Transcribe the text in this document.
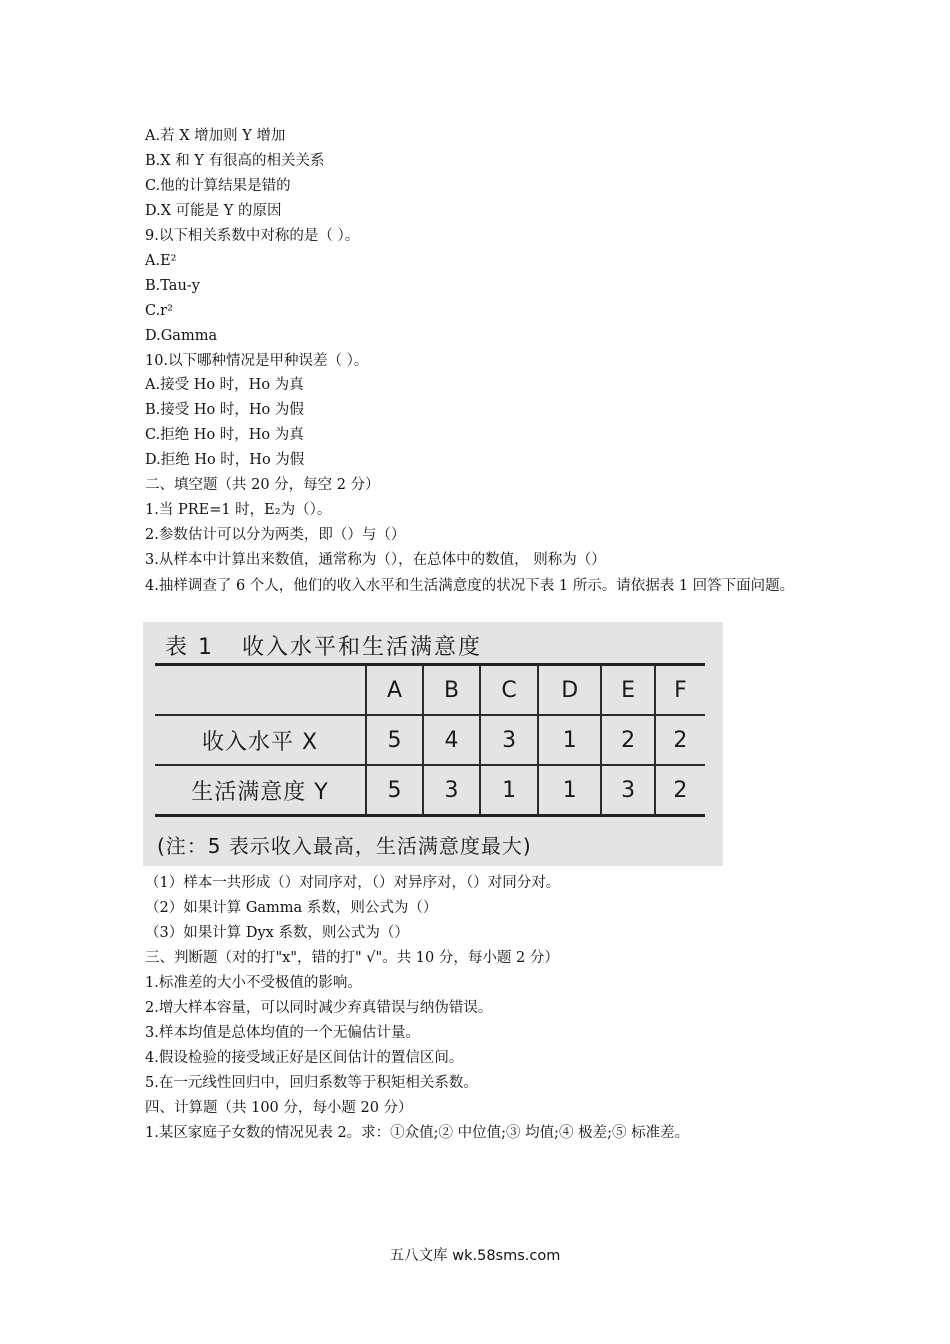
A.若 X 增加则 Y 增加
B.X 和 Y 有很高的相关关系
C.他的计算结果是错的
D.X 可能是 Y 的原因
9.以下相关系数中对称的是（ ）。
A.E²
B.Tau-y
C.r²
D.Gamma
10.以下哪种情况是甲种误差（ ）。
A.接受 Ho 时，Ho 为真
B.接受 Ho 时，Ho 为假
C.拒绝 Ho 时，Ho 为真
D.拒绝 Ho 时，Ho 为假
二、填空题（共 20 分，每空 2 分）
1.当 PRE=1 时，E₂为（）。
2.参数估计可以分为两类，即（）与（）
3.从样本中计算出来数值，通常称为（），在总体中的数值， 则称为（）
4.抽样调查了 6 个人，他们的收入水平和生活满意度的状况下表 1 所示。请依据表 1 回答下面问题。
表 1 收入水平和生活满意度
	A	B	C	D	E	F
收入水平 X	5	4	3	1	2	2
生活满意度 Y	5	3	1	1	3	2
(注：5 表示收入最高，生活满意度最大)
（1）样本一共形成（）对同序对，（）对异序对，（）对同分对。
（2）如果计算 Gamma 系数，则公式为（）
（3）如果计算 Dyx 系数，则公式为（）
三、判断题（对的打"x"，错的打" √"。共 10 分，每小题 2 分）
1.标准差的大小不受极值的影响。
2.增大样本容量，可以同时减少弃真错误与纳伪错误。
3.样本均值是总体均值的一个无偏估计量。
4.假设检验的接受域正好是区间估计的置信区间。
5.在一元线性回归中，回归系数等于积矩相关系数。
四、计算题（共 100 分，每小题 20 分）
1.某区家庭子女数的情况见表 2。求：①众值;② 中位值;③ 均值;④ 极差;⑤ 标准差。
五八文库 wk.58sms.com
